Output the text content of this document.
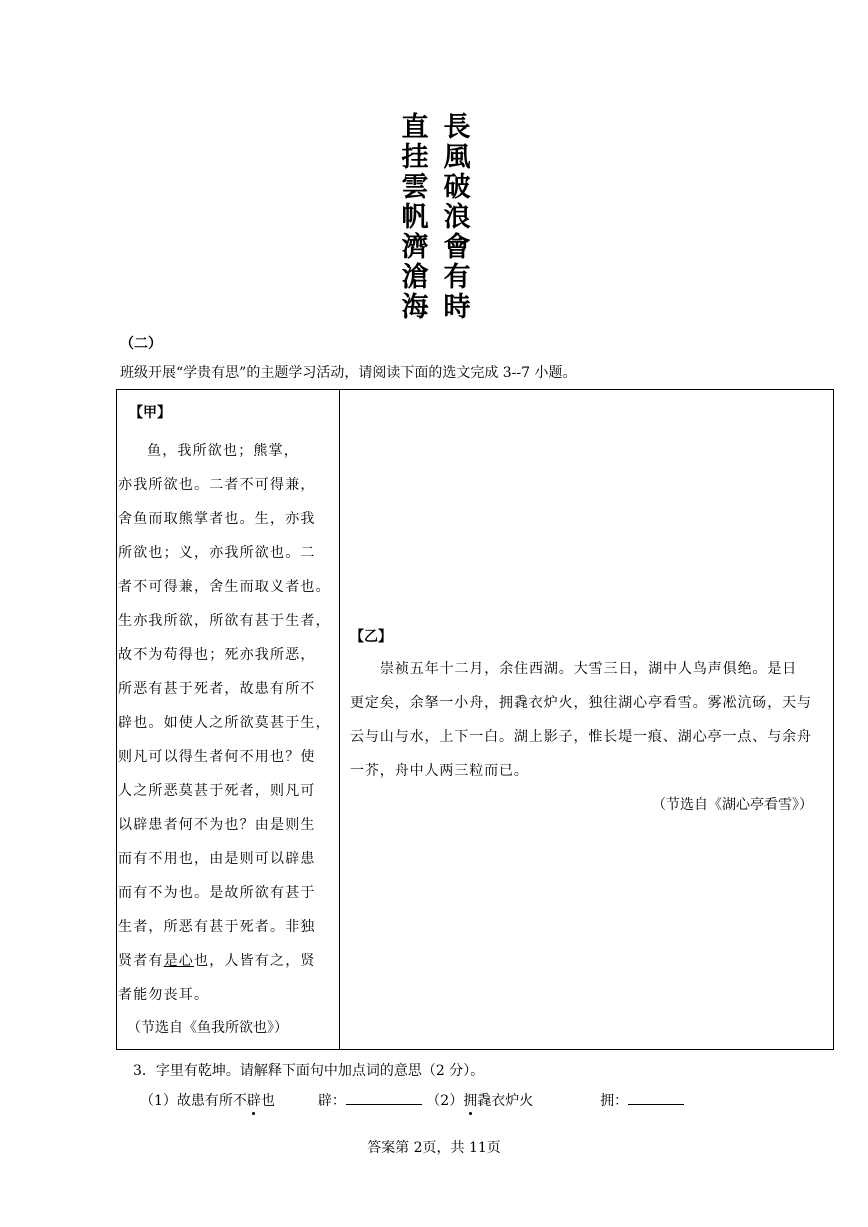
長
風
破
浪
會
有
時
直
挂
雲
帆
濟
滄
海
（二）
班级开展“学贵有思”的主题学习活动，请阅读下面的选文完成 3--7 小题。
【甲】
鱼，我所欲也；熊掌，
亦我所欲也。二者不可得兼，
舍鱼而取熊掌者也。生，亦我
所欲也；义，亦我所欲也。二
者不可得兼，舍生而取义者也。
生亦我所欲，所欲有甚于生者，
故不为苟得也；死亦我所恶，
所恶有甚于死者，故患有所不
辟也。如使人之所欲莫甚于生，
则凡可以得生者何不用也？使
人之所恶莫甚于死者，则凡可
以辟患者何不为也？由是则生
而有不用也，由是则可以辟患
而有不为也。是故所欲有甚于
生者，所恶有甚于死者。非独
贤者有是心也，人皆有之，贤
者能勿丧耳。
（节选自《鱼我所欲也》）
【乙】
崇祯五年十二月，余住西湖。大雪三日，湖中人鸟声俱绝。是日
更定矣，余拏一小舟，拥毳衣炉火，独往湖心亭看雪。雾凇沆砀，天与
云与山与水，上下一白。湖上影子，惟长堤一痕、湖心亭一点、与余舟
一芥，舟中人两三粒而已。
（节选自《湖心亭看雪》）
3．字里有乾坤。请解释下面句中加点词的意思（2 分）。
（1）故患有所不辟也	辟：	（2）拥毳衣炉火	拥：
答案第 2页，共 11页
